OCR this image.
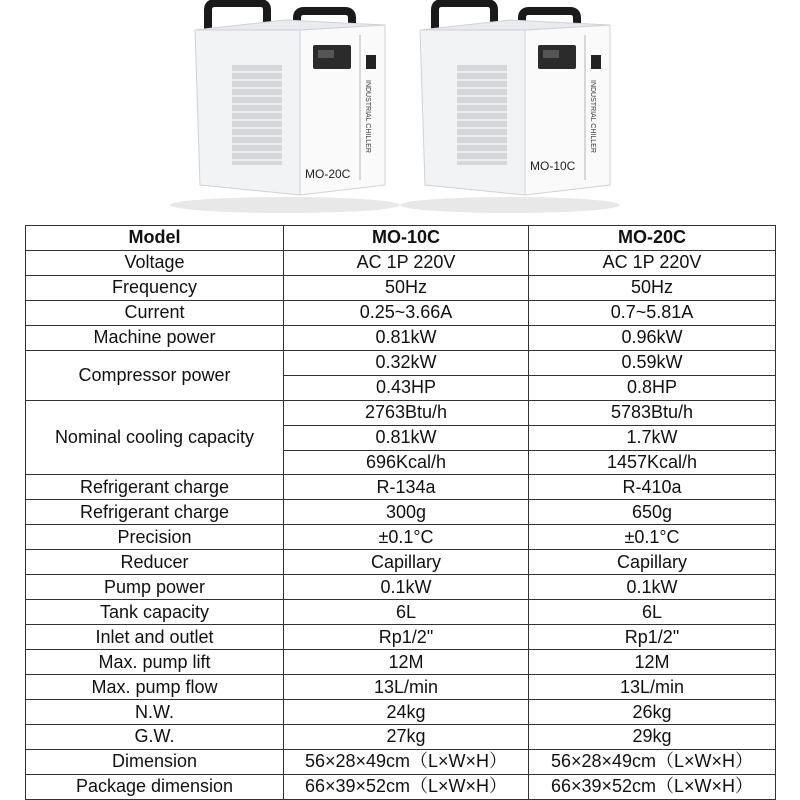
MO-20C
MO-10C
INDUSTRIAL CHILLER	INDUSTRIAL CHILLER
Model	MO-10C	MO-20C
Voltage	AC 1P 220V	AC 1P 220V
Frequency	50Hz	50Hz
Current	0.25~3.66A	0.7~5.81A
Machine power	0.81kW	0.96kW
Compressor power	0.32kW	0.59kW
	0.43HP	0.8HP
Nominal cooling capacity	2763Btu/h	5783Btu/h
	0.81kW	1.7kW
	696Kcal/h	1457Kcal/h
Refrigerant charge	R-134a	R-410a
Refrigerant charge	300g	650g
Precision	±0.1°C	±0.1°C
Reducer	Capillary	Capillary
Pump power	0.1kW	0.1kW
Tank capacity	6L	6L
Inlet and outlet	Rp1/2"	Rp1/2"
Max. pump lift	12M	12M
Max. pump flow	13L/min	13L/min
N.W.	24kg	26kg
G.W.	27kg	29kg
Dimension	56×28×49cm（L×W×H）	56×28×49cm（L×W×H）
Package dimension	66×39×52cm（L×W×H）	66×39×52cm（L×W×H）
